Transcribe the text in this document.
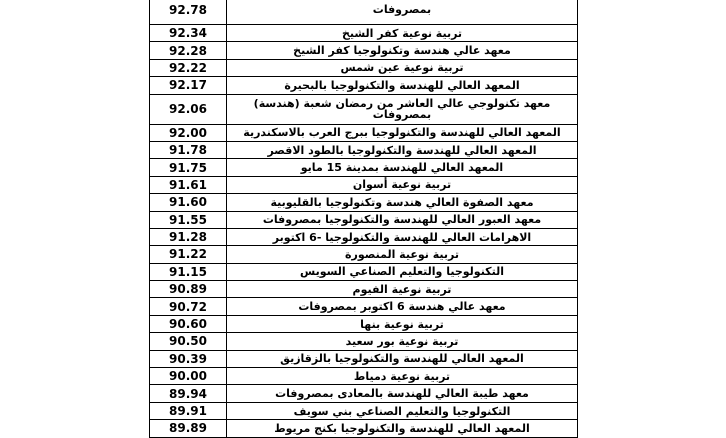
92.78	بمصروفات
92.34	تربية نوعية كفر الشيخ
92.28	معهد عالي هندسة وتكنولوجيا كفر الشيخ
92.22	تربية نوعية عين شمس
92.17	المعهد العالي للهندسة والتكنولوجيا بالبحيرة
92.06	معهد تكنولوجي عالي العاشر من رمضان شعبة (هندسة) بمصروفات
92.00	المعهد العالي للهندسة والتكنولوجيا ببرج العرب بالاسكندرية
91.78	المعهد العالي للهندسة والتكنولوجيا بالطود الاقصر
91.75	المعهد العالي للهندسة بمدينة 15 مايو
91.61	تربية نوعية أسوان
91.60	معهد الصفوة العالي هندسة وتكنولوجيا بالقليوبية
91.55	معهد العبور العالي للهندسة والتكنولوجيا بمصروفات
91.28	الاهرامات العالي للهندسة والتكنولوجيا -6 اكتوبر
91.22	تربية نوعية المنصورة
91.15	التكنولوجيا والتعليم الصناعي السويس
90.89	تربية نوعية الفيوم
90.72	معهد عالي هندسة 6 اكتوبر بمصروفات
90.60	تربية نوعية بنها
90.50	تربية نوعية بور سعيد
90.39	المعهد العالي للهندسة والتكنولوجيا بالزقازيق
90.00	تربية نوعية دمياط
89.94	معهد طيبة العالي للهندسة بالمعادى بمصروفات
89.91	التكنولوجيا والتعليم الصناعي بني سويف
89.89	المعهد العالي للهندسة والتكنولوجيا بكنج مريوط
